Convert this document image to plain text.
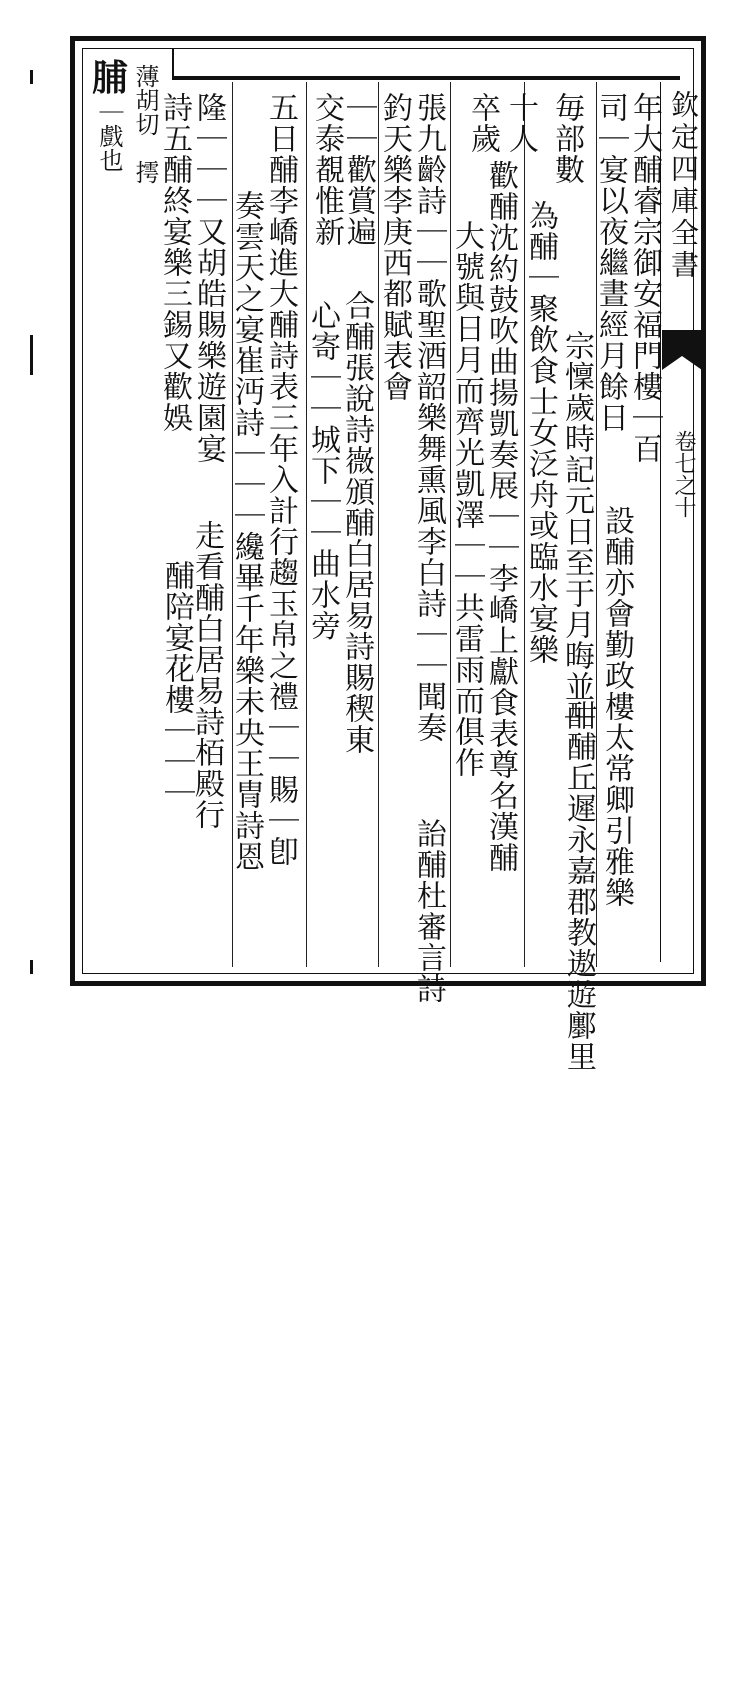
欽定四庫全書
卷七之十
脯 薄胡切
摴
｜戲也	年大酺睿宗御安福門樓｜百
司｜宴以夜繼晝經月餘日
設酺亦會勤政樓太常卿引雅樂
宗懍歲時記元日至于月晦並｜
毎部數
為酺｜聚飲食士女泛舟或臨水宴樂
酣酺丘遲永嘉郡教遨遊鄽里
十人
卒歲
歡酺沈約鼓吹曲揚凱奏展｜｜李嶠上獻食表尊名漢酺
大號與日月而齊光凱澤｜｜共雷雨而俱作
張九齡詩｜｜歌聖酒韶樂舞熏風李白詩｜｜聞奏
詒酺杜審言詩
釣天樂李庚西都賦表會
｜｜歡賞遍
合酺張說詩嶶頒酺白居易詩賜稧東
交泰覩惟新
心寄｜｜城下｜｜曲水旁
五日酺李嶠進大酺詩表三年入計行趨玉帛之禮｜｜賜｜卽
奏雲天之宴崔沔詩｜｜｜纔畢千年樂未央王冑詩恩
隆｜｜｜又胡皓賜樂遊園宴
詩五酺終宴樂三錫又歡娛
走看酺白居易詩栢殿行
酺陪宴花樓｜｜｜
